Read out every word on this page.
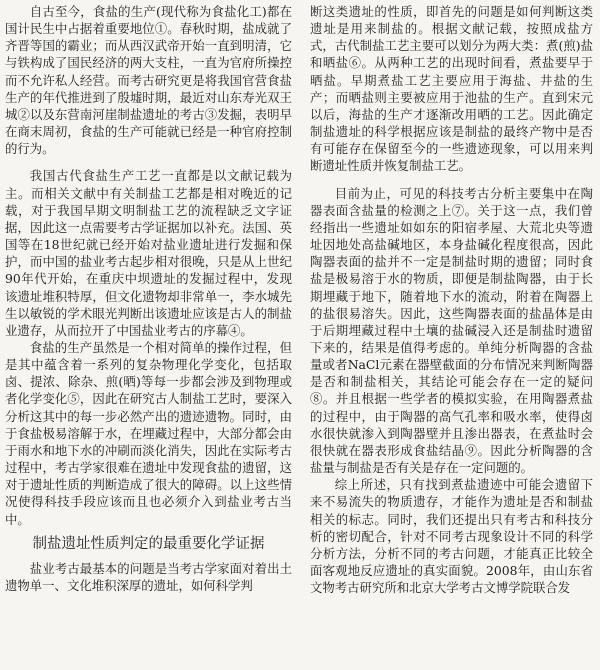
自古至今，食盐的生产(现代称为食盐化工)都在国计民生中占据着重要地位①。春秋时期，盐成就了齐晋等国的霸业；而从西汉武帝开始一直到明清，它与铁构成了国民经济的两大支柱，一直为官府所操控而不允许私人经营。而考古研究更是将我国官营食盐生产的年代推进到了殷墟时期，最近对山东寿光双王城②以及东营南河崖制盐遗址的考古③发掘，表明早在商末周初，食盐的生产可能就已经是一种官府控制的行为。

我国古代食盐生产工艺一直都是以文献记载为主。而相关文献中有关制盐工艺都是相对晚近的记载，对于我国早期文明制盐工艺的流程缺乏文字证据，因此这一点需要考古学证据加以补充。法国、英国等在18世纪就已经开始对盐业遗址进行发掘和保护，而中国的盐业考古起步相对很晚，只是从上世纪90年代开始，在重庆中坝遗址的发掘过程中，发现该遗址堆积特厚，但文化遗物却非常单一，李水城先生以敏锐的学术眼光判断出该遗址应该是古人的制盐业遗存，从而拉开了中国盐业考古的序幕④。

食盐的生产虽然是一个相对简单的操作过程，但是其中蕴含着一系列的复杂物理化学变化，包括取卤、提浓、除杂、煎(晒)等每一步都会涉及到物理或者化学变化⑤，因此在研究古人制盐工艺时，要深入分析这其中的每一步必然产出的遗迹遗物。同时，由于食盐极易溶解于水，在埋藏过程中，大部分都会由于雨水和地下水的冲刷而淡化消失，因此在实际考古过程中，考古学家很难在遗址中发现食盐的遗留，这对于遗址性质的判断造成了很大的障碍。以上这些情况使得科技手段应该而且也必须介入到盐业考古当中。

制盐遗址性质判定的最重要化学证据

盐业考古最基本的问题是当考古学家面对着出土遗物单一、文化堆积深厚的遗址，如何科学判

断这类遗址的性质，即首先的问题是如何判断这类遗址是用来制盐的。根据文献记载，按照成盐方式，古代制盐工艺主要可以划分为两大类：煮(煎)盐和晒盐⑥。从两种工艺的出现时间看，煮盐要早于晒盐。早期煮盐工艺主要应用于海盐、井盐的生产；而晒盐则主要被应用于池盐的生产。直到宋元以后，海盐的生产才逐渐改用晒的工艺。因此确定制盐遗址的科学根据应该是制盐的最终产物中是否有可能存在保留至今的一些遗迹现象，可以用来判断遗址性质并恢复制盐工艺。

目前为止，可见的科技考古分析主要集中在陶器表面含盐量的检测之上⑦。关于这一点，我们曾经指出一些遗址如如东的阳宿孝屋、大荒北央等遗址因地处高盐碱地区，本身盐碱化程度很高，因此陶器表面的盐并不一定是制盐时期的遗留；同时食盐是极易溶于水的物质，即便是制盐陶器，由于长期埋藏于地下，随着地下水的流动，附着在陶器上的盐很易溶失。因此，这些陶器表面的盐晶体是由于后期埋藏过程中土壤的盐碱浸入还是制盐时遗留下来的，结果是值得考虑的。单纯分析陶器的含盐量或者NaCl元素在器壁截面的分布情况来判断陶器是否和制盐相关，其结论可能会存在一定的疑问⑧。并且根据一些学者的模拟实验，在用陶器煮盐的过程中，由于陶器的高气孔率和吸水率，使得卤水很快就渗入到陶器壁并且渗出器表，在煮盐时会很快就在器表形成食盐结晶⑨。因此分析陶器的含盐量与制盐是否有关是存在一定问题的。

综上所述，只有找到煮盐遗迹中可能会遗留下来不易流失的物质遗存，才能作为遗址是否和制盐相关的标志。同时，我们还提出只有考古和科技分析的密切配合，针对不同考古现象设计不同的科学分析方法，分析不同的考古问题，才能真正比较全面客观地反应遗址的真实面貌。2008年，由山东省文物考古研究所和北京大学考古文博学院联合发
